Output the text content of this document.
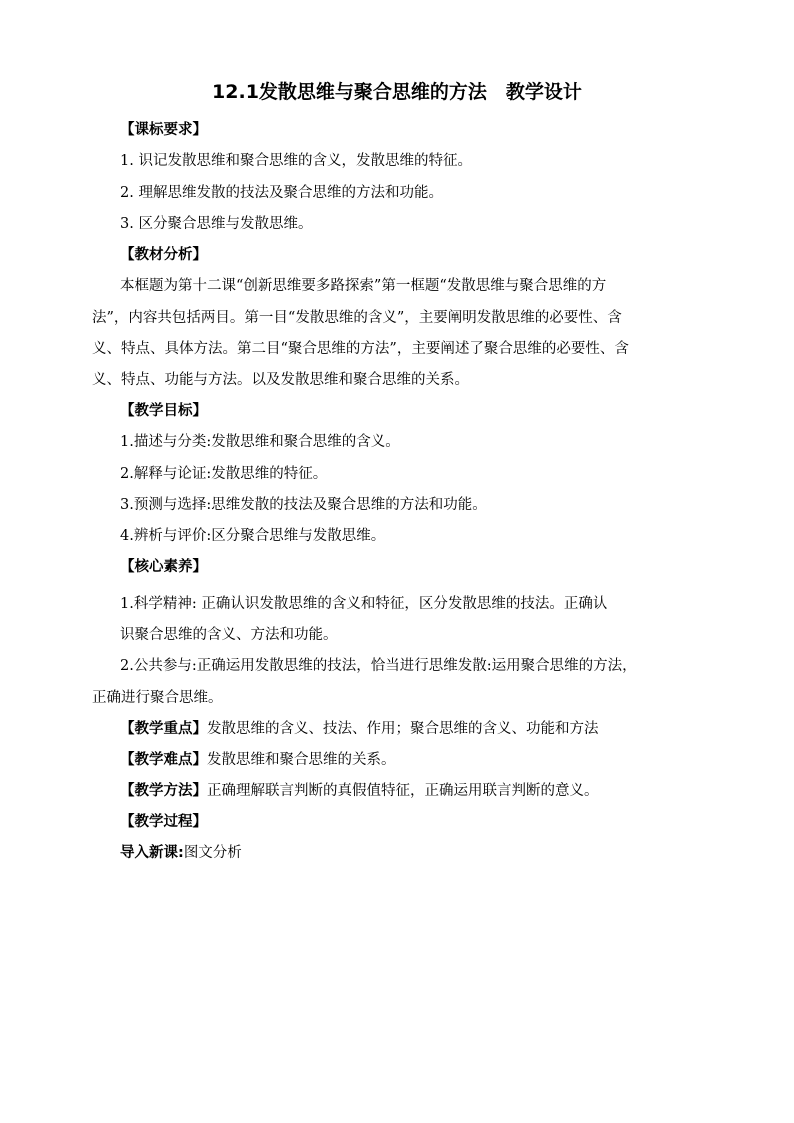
12.1发散思维与聚合思维的方法　教学设计
【课标要求】
1. 识记发散思维和聚合思维的含义，发散思维的特征。
2. 理解思维发散的技法及聚合思维的方法和功能。
3. 区分聚合思维与发散思维。
【教材分析】
本框题为第十二课“创新思维要多路探索”第一框题“发散思维与聚合思维的方
法”，内容共包括两目。第一目“发散思维的含义”，主要阐明发散思维的必要性、含
义、特点、具体方法。第二目“聚合思维的方法”，主要阐述了聚合思维的必要性、含
义、特点、功能与方法。以及发散思维和聚合思维的关系。
【教学目标】
1.描述与分类:发散思维和聚合思维的含义。
2.解释与论证:发散思维的特征。
3.预测与选择:思维发散的技法及聚合思维的方法和功能。
4.辨析与评价:区分聚合思维与发散思维。
【核心素养】
1.科学精神: 正确认识发散思维的含义和特征，区分发散思维的技法。正确认
识聚合思维的含义、方法和功能。
2.公共参与:正确运用发散思维的技法，恰当进行思维发散:运用聚合思维的方法，
正确进行聚合思维。
【教学重点】发散思维的含义、技法、作用；聚合思维的含义、功能和方法
【教学难点】发散思维和聚合思维的关系。
【教学方法】正确理解联言判断的真假值特征，正确运用联言判断的意义。
【教学过程】
导入新课:图文分析
